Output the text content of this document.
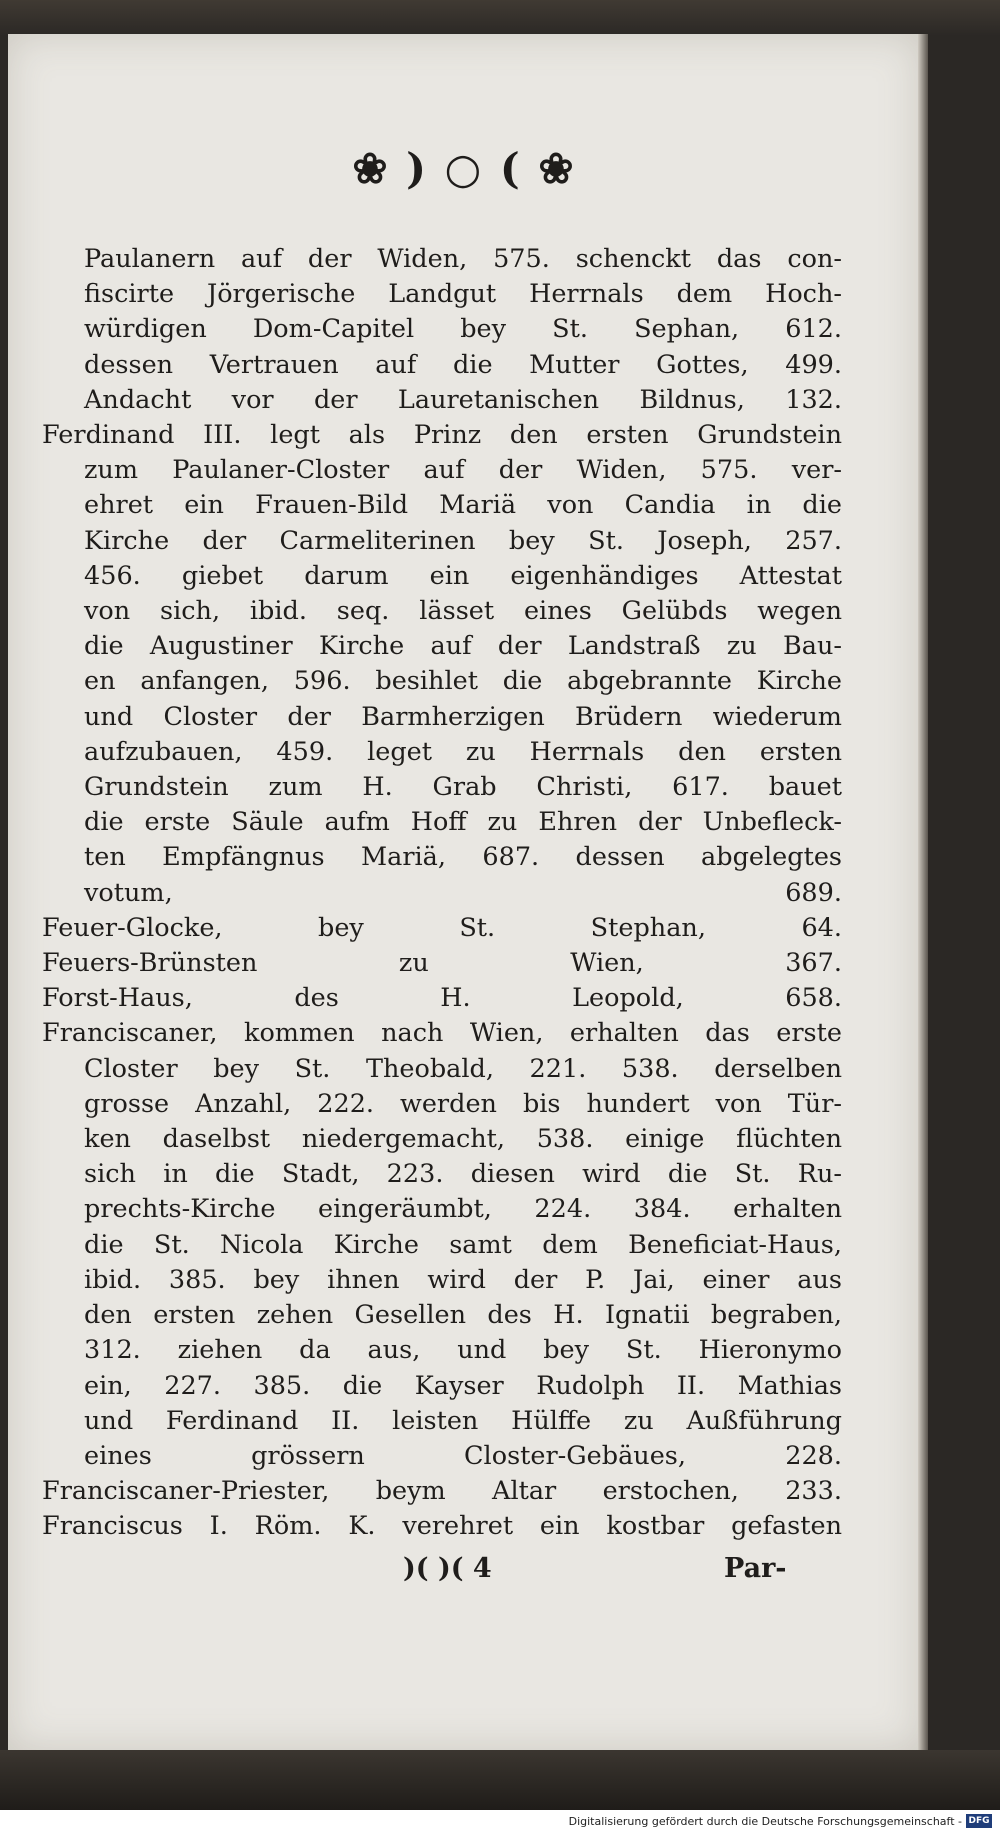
❀ ) ○ ( ❀
Paulanern auf der Widen, 575. schenckt das con-
fiscirte Jörgerische Landgut Herrnals dem Hoch-
würdigen Dom-Capitel bey St. Sephan, 612.
dessen Vertrauen auf die Mutter Gottes, 499.
Andacht vor der Lauretanischen Bildnus, 132.
Ferdinand III. legt als Prinz den ersten Grundstein
zum Paulaner-Closter auf der Widen, 575. ver-
ehret ein Frauen-Bild Mariä von Candia in die
Kirche der Carmeliterinen bey St. Joseph, 257.
456. giebet darum ein eigenhändiges Attestat
von sich, ibid. seq. lässet eines Gelübds wegen
die Augustiner Kirche auf der Landstraß zu Bau-
en anfangen, 596. besihlet die abgebrannte Kirche
und Closter der Barmherzigen Brüdern wiederum
aufzubauen, 459. leget zu Herrnals den ersten
Grundstein zum H. Grab Christi, 617. bauet
die erste Säule aufm Hoff zu Ehren der Unbefleck-
ten Empfängnus Mariä, 687. dessen abgelegtes
votum, 689.
Feuer-Glocke, bey St. Stephan, 64.
Feuers-Brünsten zu Wien, 367.
Forst-Haus, des H. Leopold, 658.
Franciscaner, kommen nach Wien, erhalten das erste
Closter bey St. Theobald, 221. 538. derselben
grosse Anzahl, 222. werden bis hundert von Tür-
ken daselbst niedergemacht, 538. einige flüchten
sich in die Stadt, 223. diesen wird die St. Ru-
prechts-Kirche eingeräumbt, 224. 384. erhalten
die St. Nicola Kirche samt dem Beneficiat-Haus,
ibid. 385. bey ihnen wird der P. Jai, einer aus
den ersten zehen Gesellen des H. Ignatii begraben,
312. ziehen da aus, und bey St. Hieronymo
ein, 227. 385. die Kayser Rudolph II. Mathias
und Ferdinand II. leisten Hülffe zu Außführung
eines grössern Closter-Gebäues, 228.
Franciscaner-Priester, beym Altar erstochen, 233.
Franciscus I. Röm. K. verehret ein kostbar gefasten
)( )( 4	Par-
Digitalisierung gefördert durch die Deutsche Forschungsgemeinschaft - DFG
